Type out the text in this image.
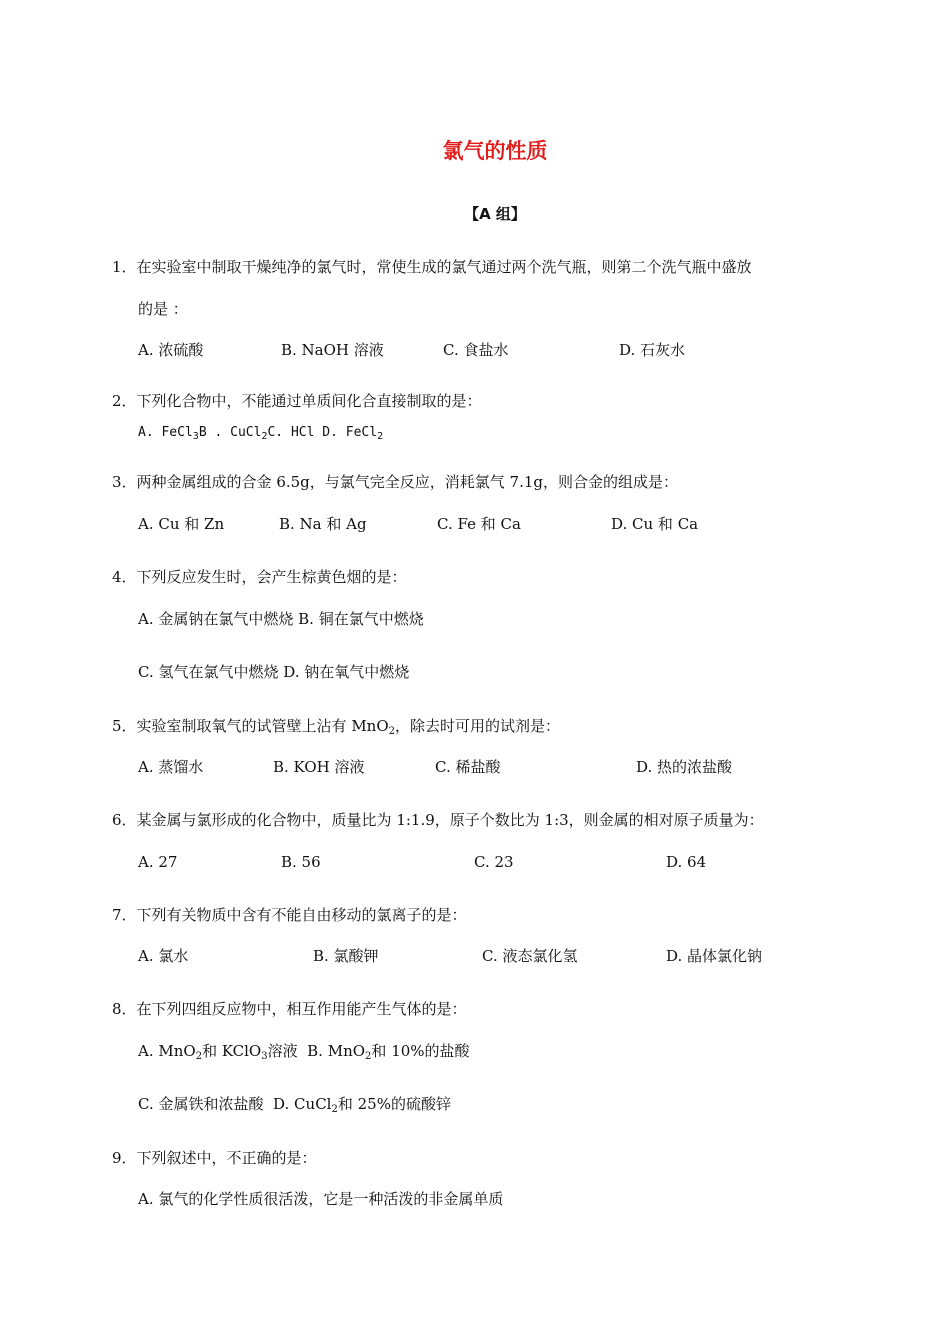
氯气的性质
【A 组】
1．在实验室中制取干燥纯净的氯气时，常使生成的氯气通过两个洗气瓶，则第二个洗气瓶中盛放
的是 ：
A. 浓硫酸	B. NaOH 溶液	C. 食盐水	D. 石灰水
2．下列化合物中，不能通过单质间化合直接制取的是：
A. FeCl$_3$B . CuCl$_2$C. HCl D. FeCl$_2$
3．两种金属组成的合金 6.5g，与氯气完全反应，消耗氯气 7.1g，则合金的组成是：
A. Cu 和 Zn	B. Na 和 Ag	C. Fe 和 Ca	D. Cu 和 Ca
4．下列反应发生时，会产生棕黄色烟的是：
A. 金属钠在氯气中燃烧 B. 铜在氯气中燃烧
C. 氢气在氯气中燃烧 D. 钠在氧气中燃烧
5．实验室制取氧气的试管壁上沾有 MnO$_2$，除去时可用的试剂是：
A. 蒸馏水	B. KOH 溶液	C. 稀盐酸	D. 热的浓盐酸
6．某金属与氯形成的化合物中，质量比为 1:1.9，原子个数比为 1:3，则金属的相对原子质量为：
A. 27	B. 56	C. 23	D. 64
7．下列有关物质中含有不能自由移动的氯离子的是：
A. 氯水	B. 氯酸钾	C. 液态氯化氢	D. 晶体氯化钠
8．在下列四组反应物中，相互作用能产生气体的是：
A. MnO$_2$和 KClO$_3$溶液 B. MnO$_2$和 10%的盐酸
C. 金属铁和浓盐酸 D. CuCl$_2$和 25%的硫酸锌
9．下列叙述中，不正确的是：
A. 氯气的化学性质很活泼，它是一种活泼的非金属单质
